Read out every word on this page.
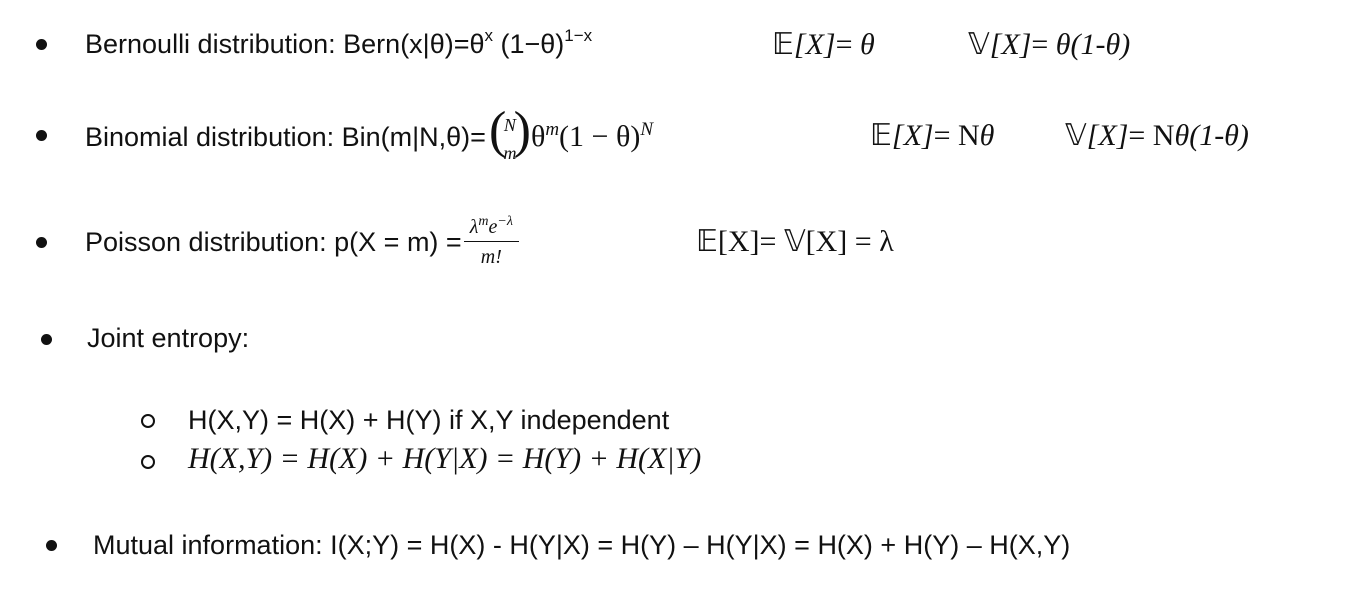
Bernoulli distribution: $Bern(x|\theta)=\theta^x$ $(1-\theta)^{1-x}$	𝔼[X]= θ	𝕍[X]= θ(1-θ)
Binomial distribution:
Bin(m|N,θ)= (
N
m
) $\theta^m(1 - \theta)^N$	𝔼[X]= Nθ 𝕍[X]= Nθ(1-θ)
Poisson distribution:
$p(X = m) = \frac{\lambda^me^{-\lambda}}{m!}$	𝔼[X]= 𝕍[X] = λ
Joint entropy:
H(X,Y) = H(X) + H(Y) if X,Y independent
H(X,Y) = H(X) + H(Y|X) = H(Y) + H(X|Y)
Mutual information: I(X;Y) = H(X) - H(Y|X) = H(Y) – H(Y|X) = H(X) + H(Y) – H(X,Y)
